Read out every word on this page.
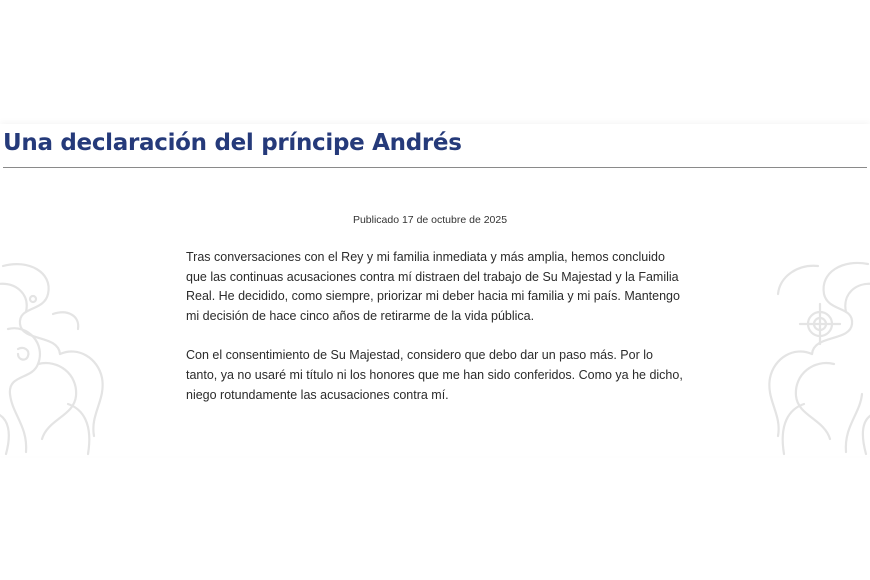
Una declaración del príncipe Andrés

Publicado 17 de octubre de 2025

Tras conversaciones con el Rey y mi familia inmediata y más amplia, hemos concluido que las continuas acusaciones contra mí distraen del trabajo de Su Majestad y la Familia Real. He decidido, como siempre, priorizar mi deber hacia mi familia y mi país. Mantengo mi decisión de hace cinco años de retirarme de la vida pública.

Con el consentimiento de Su Majestad, considero que debo dar un paso más. Por lo tanto, ya no usaré mi título ni los honores que me han sido conferidos. Como ya he dicho, niego rotundamente las acusaciones contra mí.
